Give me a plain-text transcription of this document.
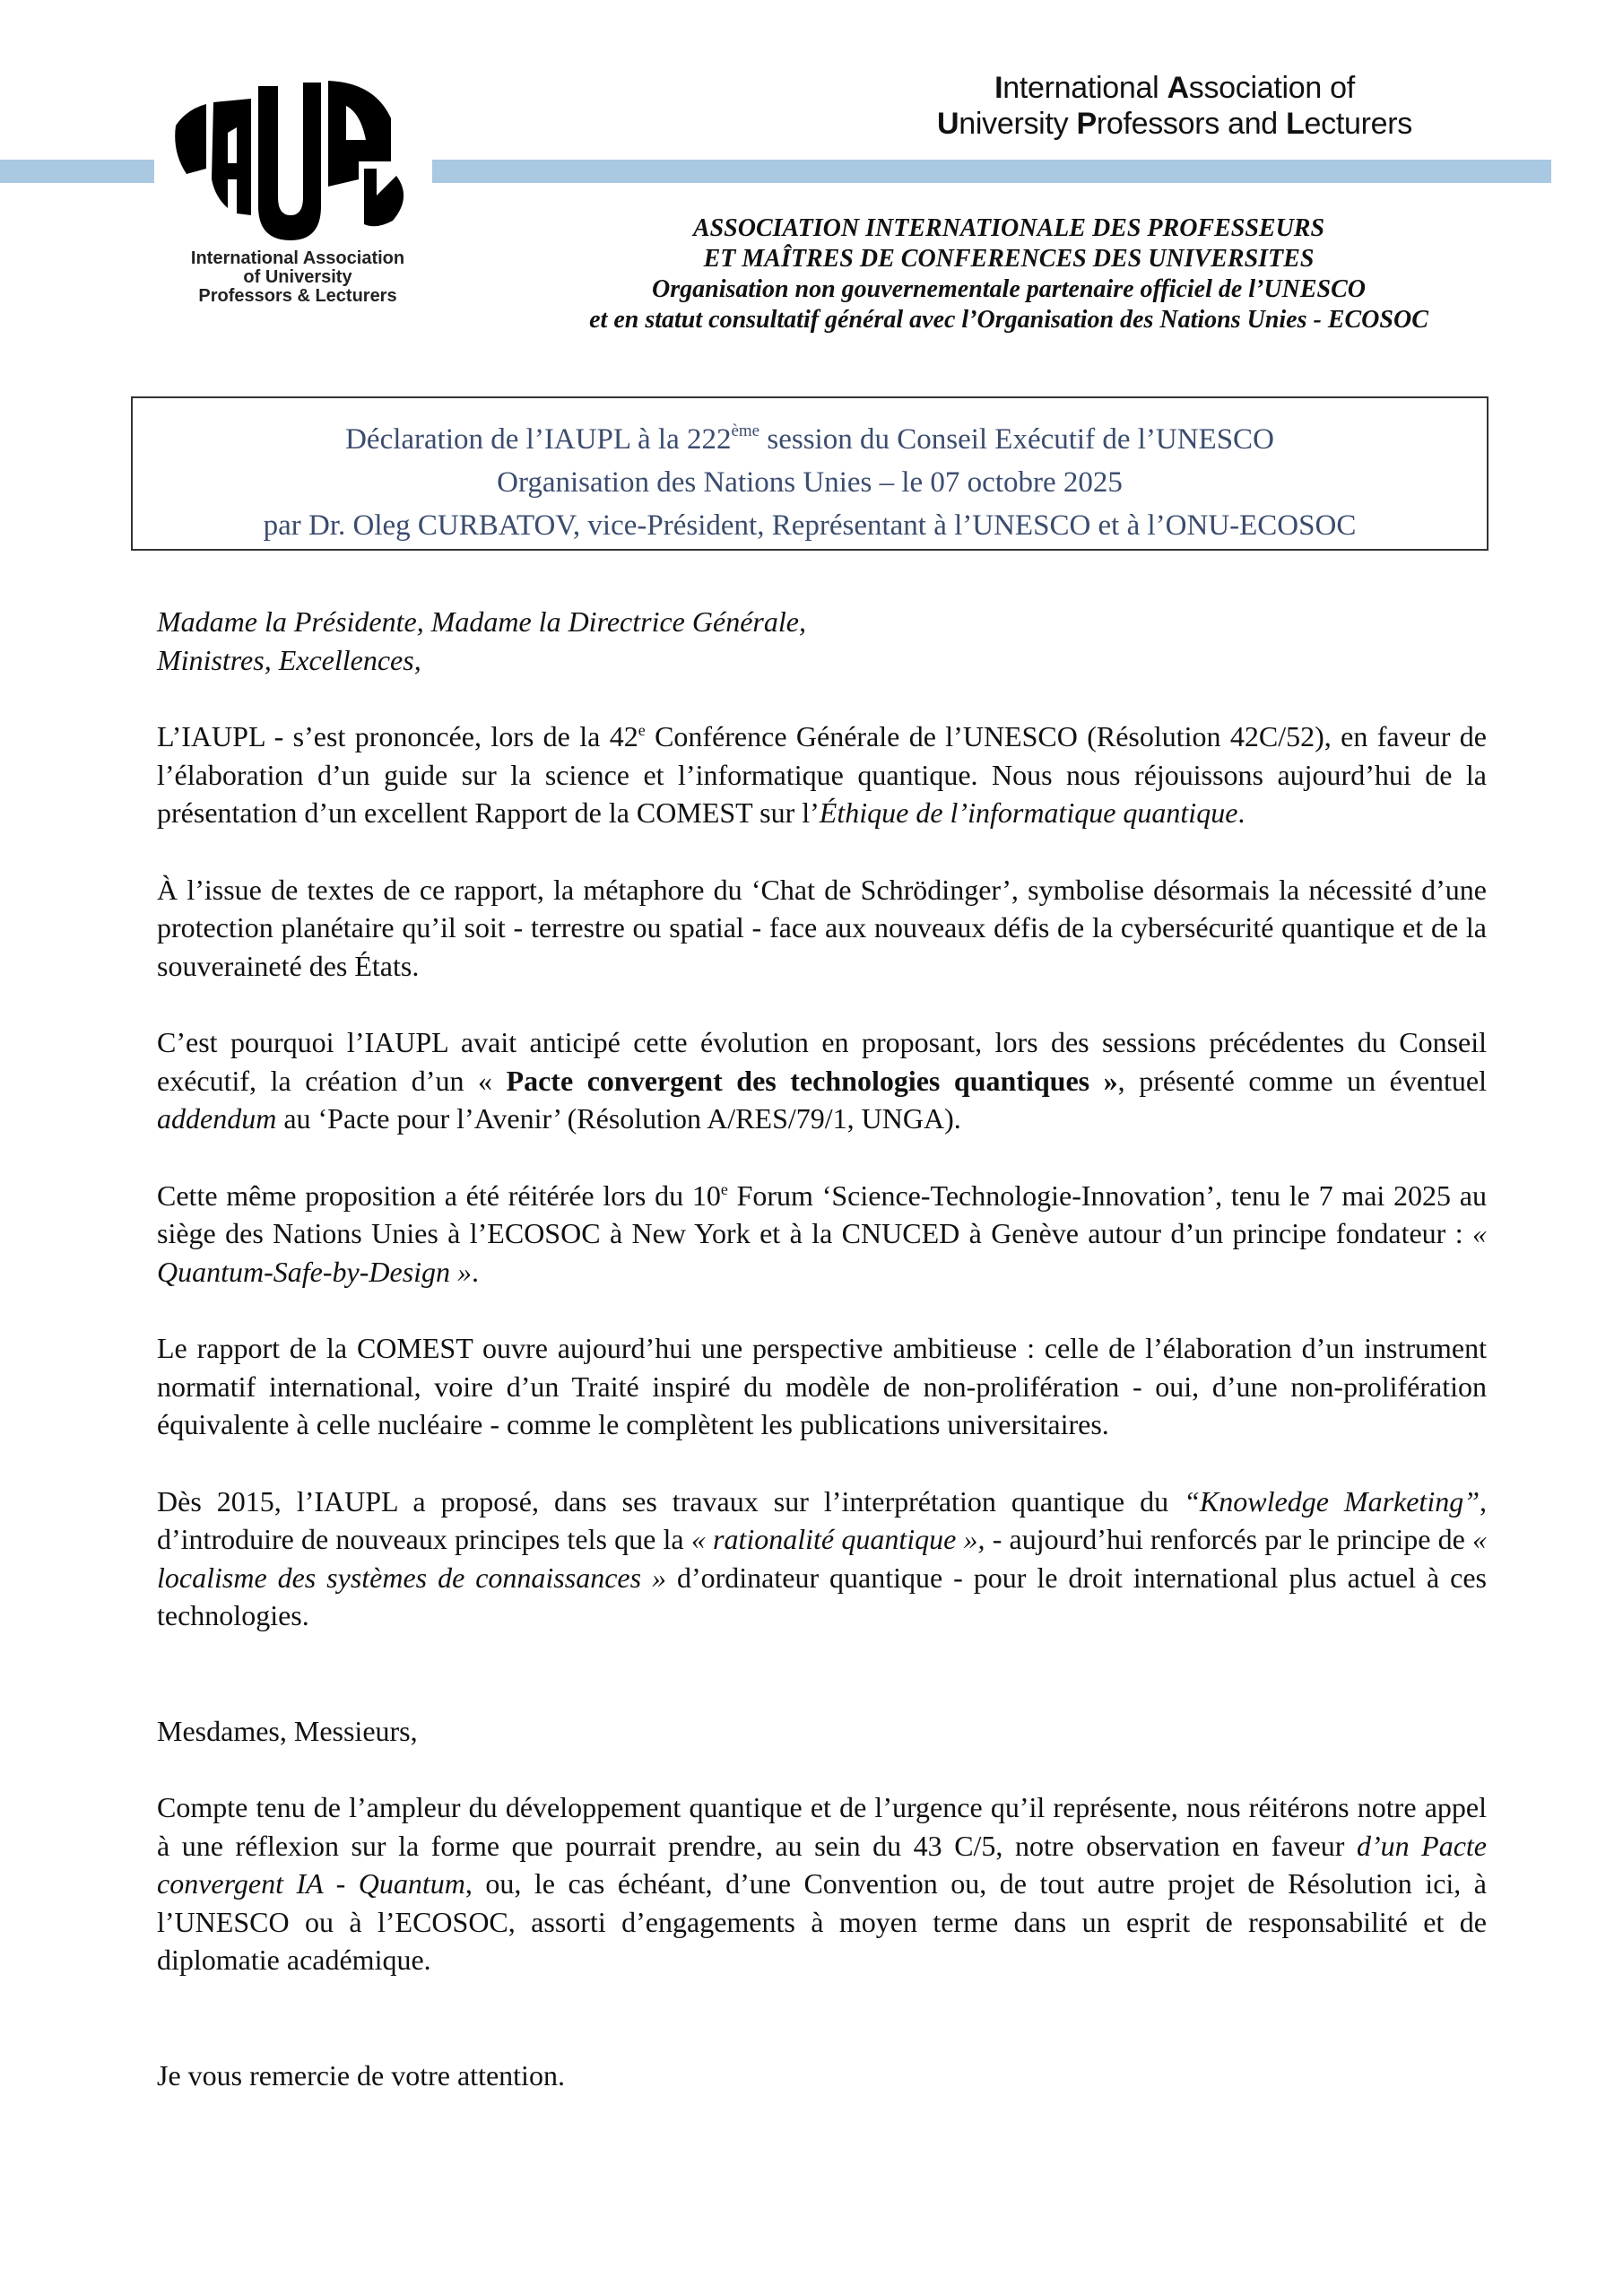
International Association
of University
Professors & Lecturers
International Association of
University Professors and Lecturers
ASSOCIATION INTERNATIONALE DES PROFESSEURS
ET MAÎTRES DE CONFERENCES DES UNIVERSITES
Organisation non gouvernementale partenaire officiel de l’UNESCO
et en statut consultatif général avec l’Organisation des Nations Unies - ECOSOC
Déclaration de l’IAUPL à la 222ème session du Conseil Exécutif de l’UNESCO
Organisation des Nations Unies – le 07 octobre 2025
par Dr. Oleg CURBATOV, vice-Président, Représentant à l’UNESCO et à l’ONU-ECOSOC

Madame la Présidente, Madame la Directrice Générale,
Ministres, Excellences,

L’IAUPL - s’est prononcée, lors de la 42e Conférence Générale de l’UNESCO (Résolution 42C/52), en faveur de l’élaboration d’un guide sur la science et l’informatique quantique. Nous nous réjouissons aujourd’hui de la présentation d’un excellent Rapport de la COMEST sur l’Éthique de l’informatique quantique.

À l’issue de textes de ce rapport, la métaphore du ‘Chat de Schrödinger’, symbolise désormais la nécessité d’une protection planétaire qu’il soit - terrestre ou spatial - face aux nouveaux défis de la cybersécurité quantique et de la souveraineté des États.

C’est pourquoi l’IAUPL avait anticipé cette évolution en proposant, lors des sessions précédentes du Conseil exécutif, la création d’un « Pacte convergent des technologies quantiques », présenté comme un éventuel addendum au ‘Pacte pour l’Avenir’ (Résolution A/RES/79/1, UNGA).

Cette même proposition a été réitérée lors du 10e Forum ‘Science-Technologie-Innovation’, tenu le 7 mai 2025 au siège des Nations Unies à l’ECOSOC à New York et à la CNUCED à Genève autour d’un principe fondateur : « Quantum-Safe-by-Design ».

Le rapport de la COMEST ouvre aujourd’hui une perspective ambitieuse : celle de l’élaboration d’un instrument normatif international, voire d’un Traité inspiré du modèle de non-prolifération - oui, d’une non-prolifération équivalente à celle nucléaire - comme le complètent les publications universitaires.

Dès 2015, l’IAUPL a proposé, dans ses travaux sur l’interprétation quantique du “Knowledge Marketing”, d’introduire de nouveaux principes tels que la « rationalité quantique », - aujourd’hui renforcés par le principe de « localisme des systèmes de connaissances » d’ordinateur quantique - pour le droit international plus actuel à ces technologies.

Mesdames, Messieurs,

Compte tenu de l’ampleur du développement quantique et de l’urgence qu’il représente, nous réitérons notre appel à une réflexion sur la forme que pourrait prendre, au sein du 43 C/5, notre observation en faveur d’un Pacte convergent IA - Quantum, ou, le cas échéant, d’une Convention ou, de tout autre projet de Résolution ici, à l’UNESCO ou à l’ECOSOC, assorti d’engagements à moyen terme dans un esprit de responsabilité et de diplomatie académique.

Je vous remercie de votre attention.
